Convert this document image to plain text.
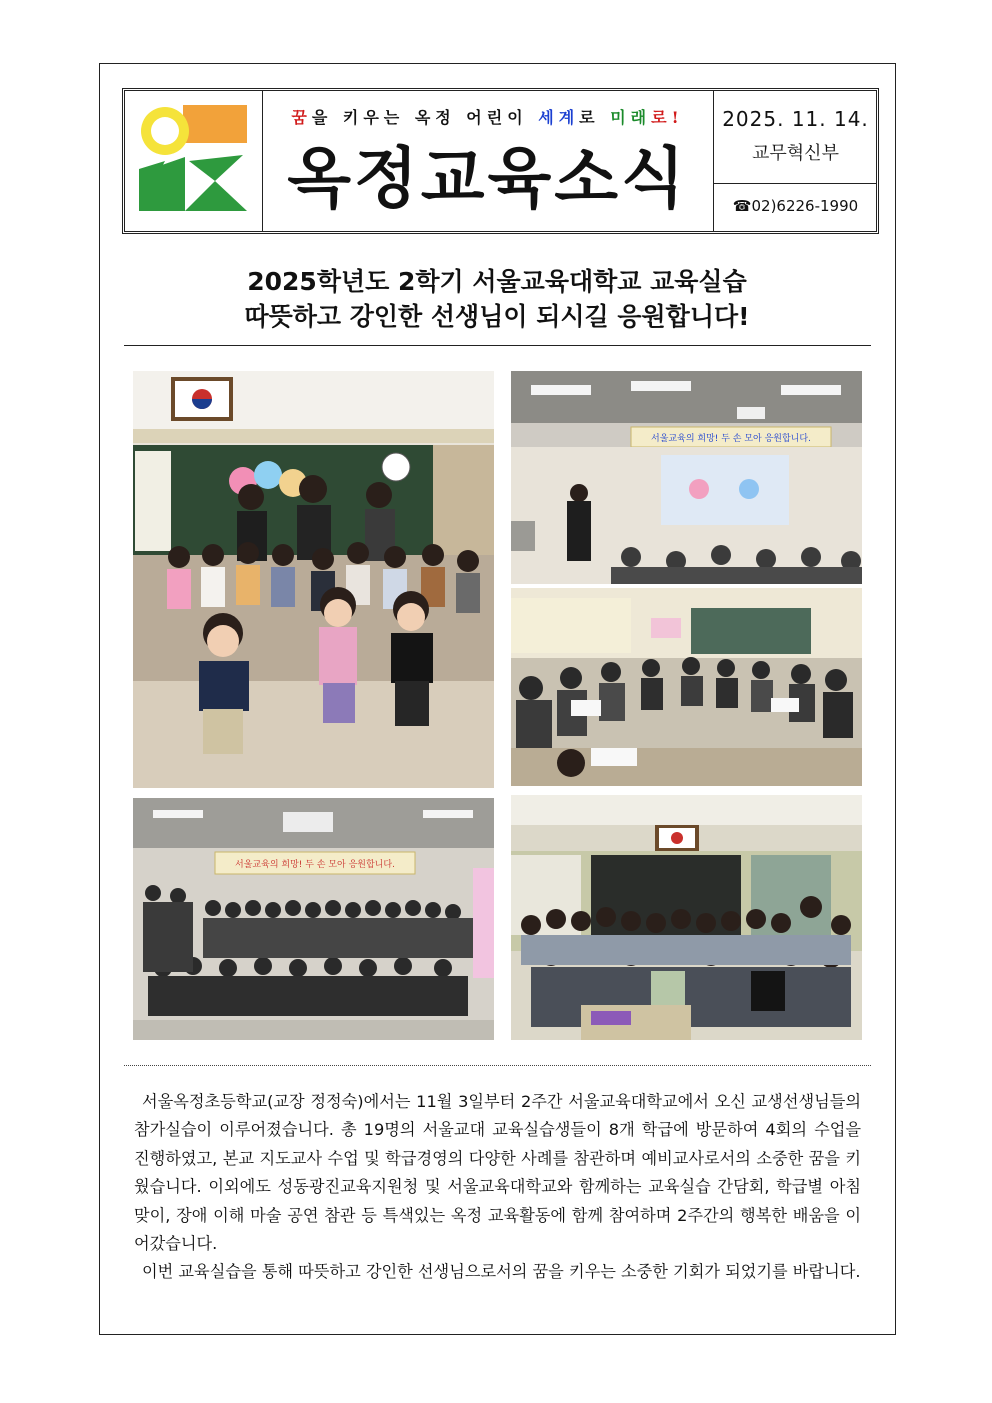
꿈을 키우는 옥정 어린이 세계로 미래로!
옥정교육소식
2025. 11. 14.
교무혁신부
☎02)6226-1990
2025학년도 2학기 서울교육대학교 교육실습
따뜻하고 강인한 선생님이 되시길 응원합니다!
서울교육의 희망! 두 손 모아 응원합니다.
서울교육의 희망! 두 손 모아 응원합니다.

서울옥정초등학교(교장 정정숙)에서는 11월 3일부터 2주간 서울교육대학교에서 오신 교생선생님들의 참가실습이 이루어졌습니다. 총 19명의 서울교대 교육실습생들이 8개 학급에 방문하여 4회의 수업을 진행하였고, 본교 지도교사 수업 및 학급경영의 다양한 사례를 참관하며 예비교사로서의 소중한 꿈을 키웠습니다. 이외에도 성동광진교육지원청 및 서울교육대학교와 함께하는 교육실습 간담회, 학급별 아침맞이, 장애 이해 마술 공연 참관 등 특색있는 옥정 교육활동에 함께 참여하며 2주간의 행복한 배움을 이어갔습니다.

이번 교육실습을 통해 따뜻하고 강인한 선생님으로서의 꿈을 키우는 소중한 기회가 되었기를 바랍니다.
